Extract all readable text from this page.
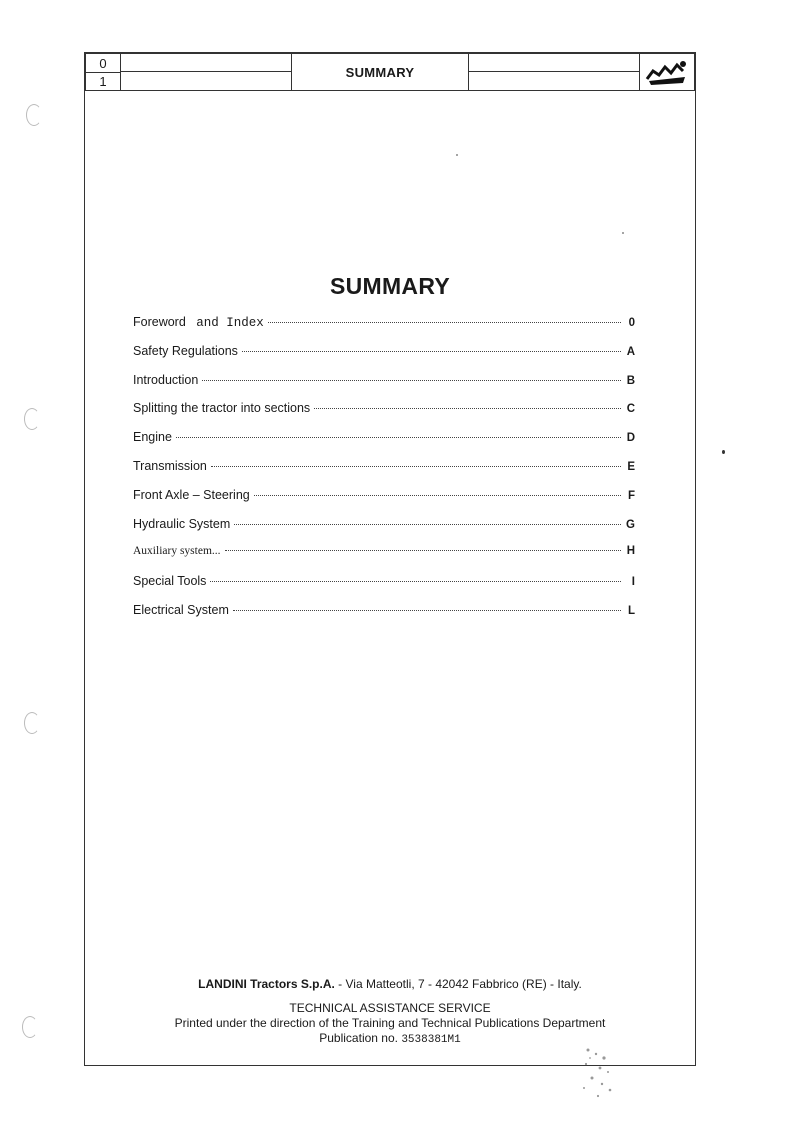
0
1

	SUMMARY	

SUMMARY
Foreword and Index	0
Safety Regulations	A
Introduction	B
Splitting the tractor into sections	C
Engine	D
Transmission	E
Front Axle – Steering	F
Hydraulic System	G
Auxiliary system...	H
Special Tools	I
Electrical System	L
LANDINI Tractors S.p.A. - Via Matteotli, 7 - 42042 Fabbrico (RE) - Italy.
TECHNICAL ASSISTANCE SERVICE
Printed under the direction of the Training and Technical Publications Department
Publication no. 3538381M1
